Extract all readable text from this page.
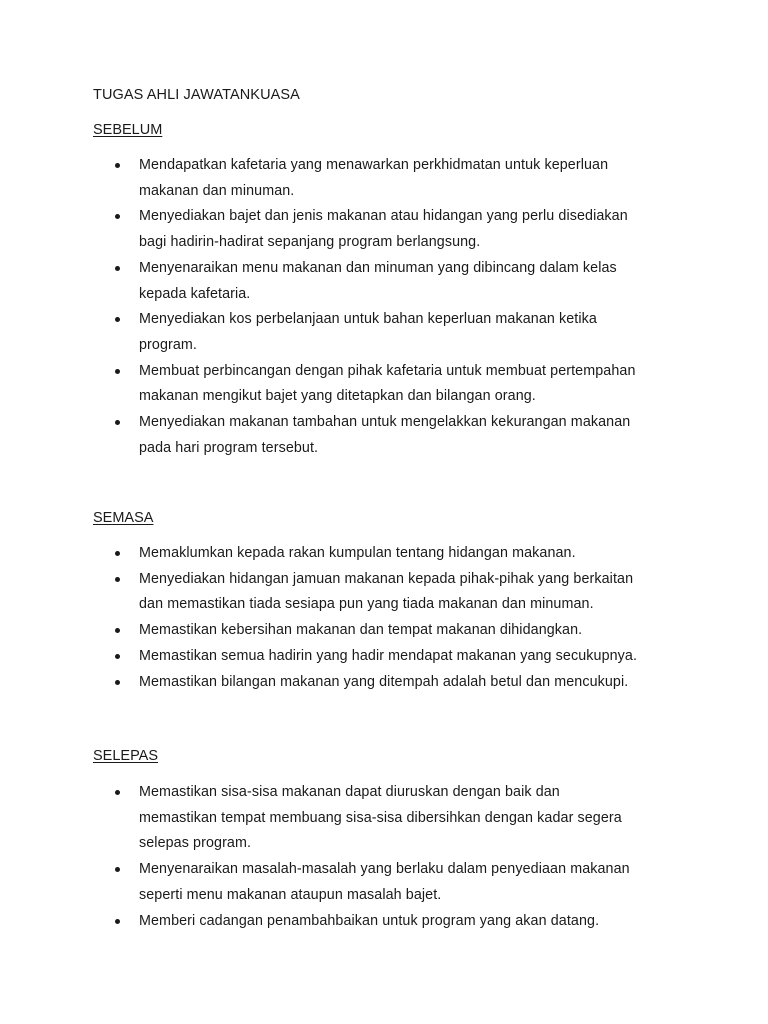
TUGAS AHLI JAWATANKUASA
SEBELUM
Mendapatkan kafetaria yang menawarkan perkhidmatan untuk keperluan
makanan dan minuman.
Menyediakan bajet dan jenis makanan atau hidangan yang perlu disediakan
bagi hadirin-hadirat sepanjang program berlangsung.
Menyenaraikan menu makanan dan minuman yang dibincang dalam kelas
kepada kafetaria.
Menyediakan kos perbelanjaan untuk bahan keperluan makanan ketika
program.
Membuat perbincangan dengan pihak kafetaria untuk membuat pertempahan
makanan mengikut bajet yang ditetapkan dan bilangan orang.
Menyediakan makanan tambahan untuk mengelakkan kekurangan makanan
pada hari program tersebut.
SEMASA
Memaklumkan kepada rakan kumpulan tentang hidangan makanan.
Menyediakan hidangan jamuan makanan kepada pihak-pihak yang berkaitan
dan memastikan tiada sesiapa pun yang tiada makanan dan minuman.
Memastikan kebersihan makanan dan tempat makanan dihidangkan.
Memastikan semua hadirin yang hadir mendapat makanan yang secukupnya.
Memastikan bilangan makanan yang ditempah adalah betul dan mencukupi.
SELEPAS
Memastikan sisa-sisa makanan dapat diuruskan dengan baik dan
memastikan tempat membuang sisa-sisa dibersihkan dengan kadar segera
selepas program.
Menyenaraikan masalah-masalah yang berlaku dalam penyediaan makanan
seperti menu makanan ataupun masalah bajet.
Memberi cadangan penambahbaikan untuk program yang akan datang.
